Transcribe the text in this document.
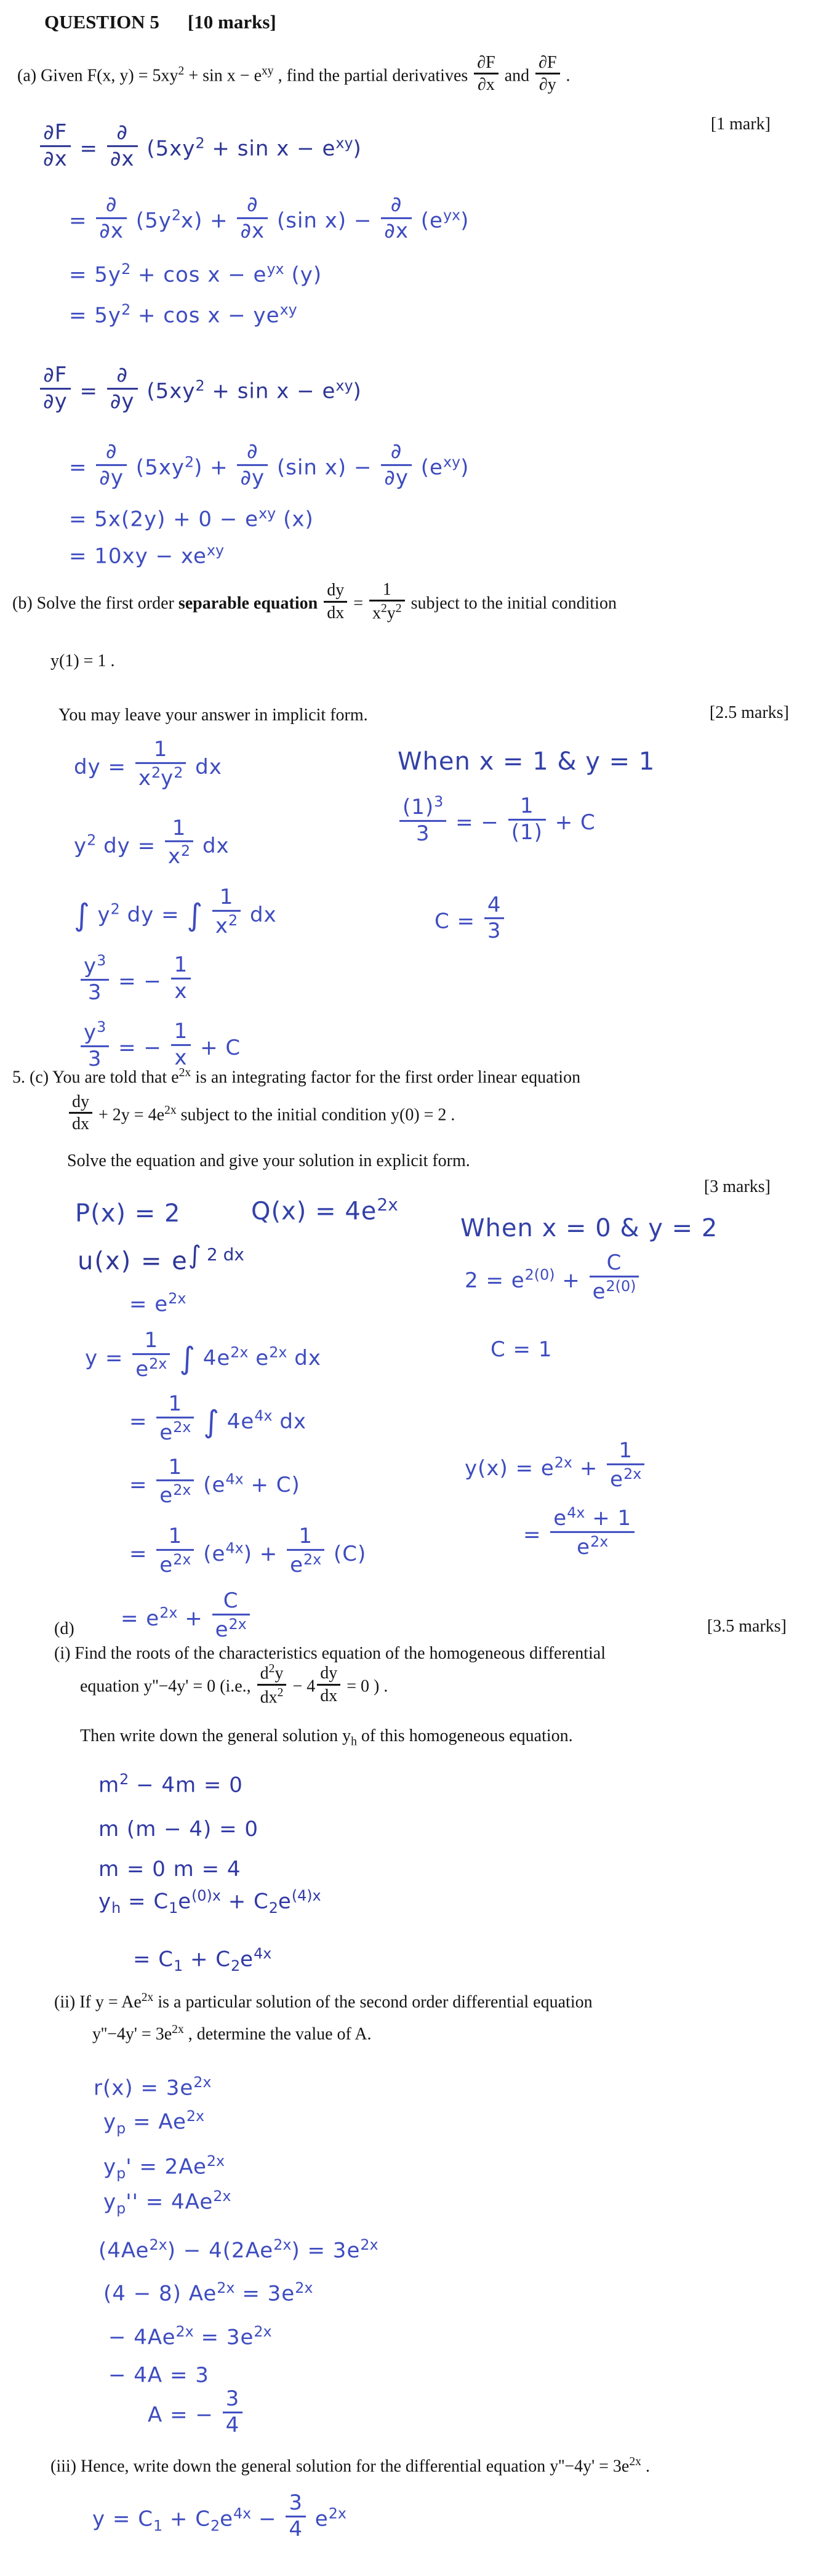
QUESTION 5 [10 marks]
(a) Given F(x, $y) = 5xy^2 + \sin x - e^{xy}$ , find the partial derivatives $\frac{\partial F}{\partial x}$ and $\frac{\partial F}{\partial y}$ .
[1 mark]
$\frac{\partial F}{\partial x}$ =
∂
∂x $(5xy^2 + \sin x - e^{xy})$
=
∂
∂x $(5y^2x)$ +
∂
∂x (sin x) −
∂
∂x $(e^{yx})$
= $5y^2 + \cos x - e^{yx}$ (y)
= $5y^2 + \cos x - ye^{xy}$
$\frac{\partial F}{\partial y}$ =
∂
∂y $(5xy^2 + \sin x - e^{xy})$
=
∂
∂y $(5xy^2)$ +
∂
∂y (sin x) −
∂
∂y $(e^{xy})$
= $5x(2y) + 0 - e^{xy}$ (x)
= $10xy - xe^{xy}$
(b) Solve the first order separable equation $\frac{dy}{dx} = \frac{1}{x^2y^2}$ subject to the initial condition
y(1) = 1 .
You may leave your answer in implicit form.	[2.5 marks]
dy = $\frac{1}{x^2y^2}$ dx
$y^2$ dy = $\frac{1}{x^2}$ dx
∫ $y^2$ dy = ∫ $\frac{1}{x^2}$ dx
$\frac{y^3}{3}$ = − $\frac{1}{x}$
$\frac{y^3}{3}$ = − $\frac{1}{x} + C$
When x = 1 & y = 1
$\frac{(1)^3}{3}$ = − $\frac{1}{(1)} + C$
$C = \frac{4}{3}$
5. (c) You are told that $e^{2x}$ is an integrating factor for the first order linear equation
$\frac{dy}{dx} + 2y = 4e^{2x}$ subject to the initial condition y(0) = 2 .
Solve the equation and give your solution in explicit form.
[3 marks]
P(x) = 2	$Q(x) = 4e^{2x}$
When x = 0 & y = 2
$u(x) = e^{\int 2 dx}$
= $e^{2x}$
$y = \frac{1}{e^{2x}}$ ∫ $4e^{2x}$ $e^{2x}$ dx
= $\frac{1}{e^{2x}}$ ∫ $4e^{4x}$ dx
= $\frac{1}{e^{2x}} (e^{4x} + C)$
= $\frac{1}{e^{2x}} (e^{4x}) + \frac{1}{e^{2x}} (C)$
= $e^{2x} + \frac{C}{e^{2x}}$
$2 = e^{2(0)} + \frac{C}{e^{2(0)}}$
C = 1
$y(x) = e^{2x} + \frac{1}{e^{2x}}$
= $\frac{e^{4x} + 1}{e^{2x}}$
(d)	[3.5 marks]
(i) Find the roots of the characteristics equation of the homogeneous differential
equation y''−4y' = 0 (i.e., $\frac{d^2y}{dx^2} - 4 \frac{dy}{dx} = 0$ ) .
Then write down the general solution $y_h$ of this homogeneous equation.
$m^2 - 4m = 0$
m (m − 4) = 0
m = 0 m = 4
$y_h = C_1e^{(0)x} + C_2e^{(4)x}$
= $C_1 + C_2e^{4x}$
(ii) If $y = Ae^{2x}$ is a particular solution of the second order differential equation
$y''-4y' = 3e^{2x}$ , determine the value of A.
$r(x) = 3e^{2x}$
$y_p = Ae^{2x}$
$y_p' = 2Ae^{2x}$
$y_p'' = 4Ae^{2x}$
$(4Ae^{2x}) - 4(2Ae^{2x}) = 3e^{2x}$
(4 − 8) $Ae^{2x} = 3e^{2x}$
− $4Ae^{2x} = 3e^{2x}$
− 4A = 3
A = − $\frac{3}{4}$
(iii) Hence, write down the general solution for the differential equation $y''-4y' = 3e^{2x}$ .
$y = C_1 + C_2e^{4x} - \frac{3}{4} e^{2x}$
